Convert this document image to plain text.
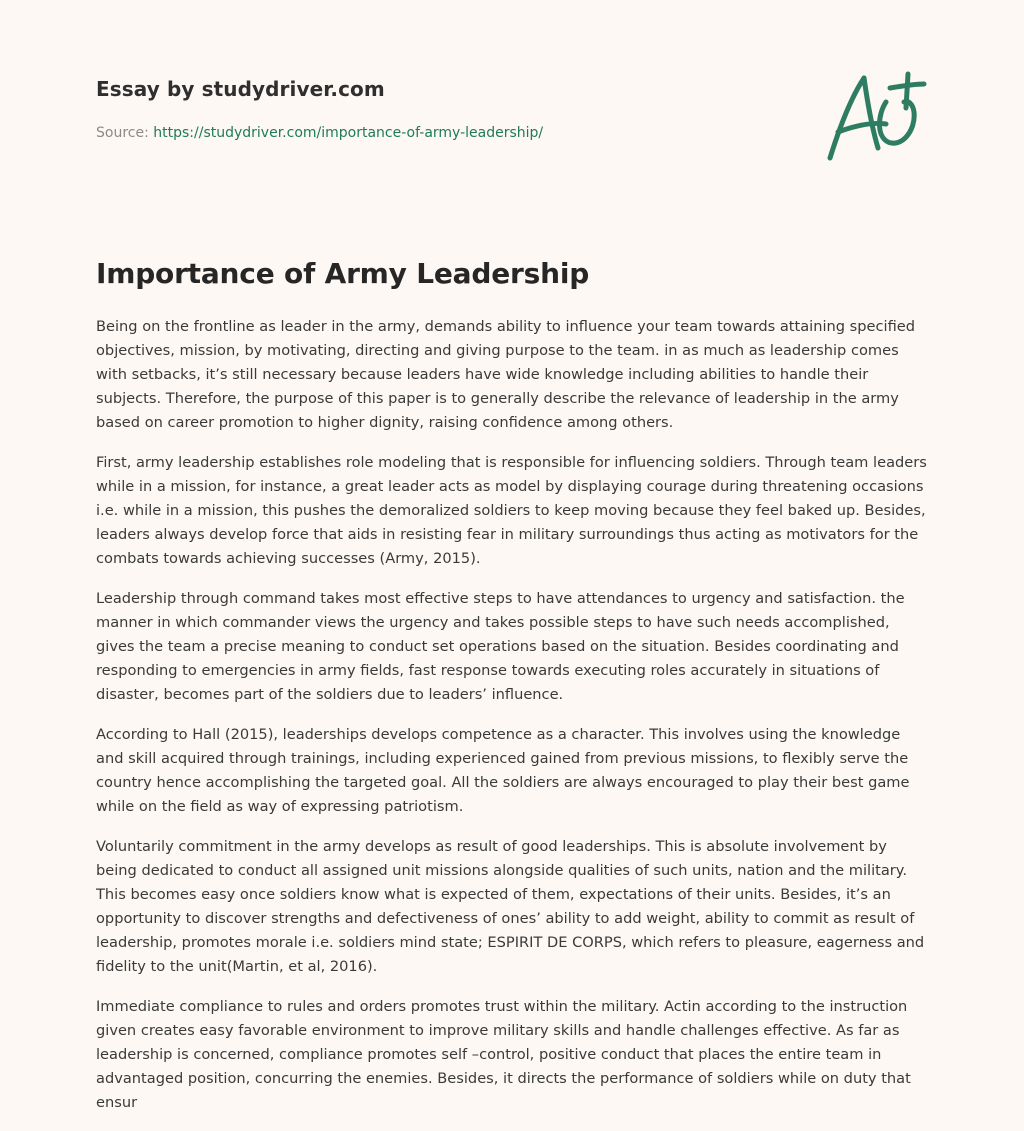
Essay by studydriver.com
Source: https://studydriver.com/importance-of-army-leadership/
Importance of Army Leadership

Being on the frontline as leader in the army, demands ability to influence your team towards attaining specified objectives, mission, by motivating, directing and giving purpose to the team. in as much as leadership comes with setbacks, it’s still necessary because leaders have wide knowledge including abilities to handle their subjects. Therefore, the purpose of this paper is to generally describe the relevance of leadership in the army based on career promotion to higher dignity, raising confidence among others.

First, army leadership establishes role modeling that is responsible for influencing soldiers. Through team leaders while in a mission, for instance, a great leader acts as model by displaying courage during threatening occasions i.e. while in a mission, this pushes the demoralized soldiers to keep moving because they feel baked up. Besides, leaders always develop force that aids in resisting fear in military surroundings thus acting as motivators for the combats towards achieving successes (Army, 2015).

Leadership through command takes most effective steps to have attendances to urgency and satisfaction. the manner in which commander views the urgency and takes possible steps to have such needs accomplished, gives the team a precise meaning to conduct set operations based on the situation. Besides coordinating and responding to emergencies in army fields, fast response towards executing roles accurately in situations of disaster, becomes part of the soldiers due to leaders’ influence.

According to Hall (2015), leaderships develops competence as a character. This involves using the knowledge and skill acquired through trainings, including experienced gained from previous missions, to flexibly serve the country hence accomplishing the targeted goal. All the soldiers are always encouraged to play their best game while on the field as way of expressing patriotism.

Voluntarily commitment in the army develops as result of good leaderships. This is absolute involvement by being dedicated to conduct all assigned unit missions alongside qualities of such units, nation and the military. This becomes easy once soldiers know what is expected of them, expectations of their units. Besides, it’s an opportunity to discover strengths and defectiveness of ones’ ability to add weight, ability to commit as result of leadership, promotes morale i.e. soldiers mind state; ESPIRIT DE CORPS, which refers to pleasure, eagerness and fidelity to the unit(Martin, et al, 2016).

Immediate compliance to rules and orders promotes trust within the military. Actin according to the instruction given creates easy favorable environment to improve military skills and handle challenges effective. As far as leadership is concerned, compliance promotes self –control, positive conduct that places the entire team in advantaged position, concurring the enemies. Besides, it directs the performance of soldiers while on duty that ensur
